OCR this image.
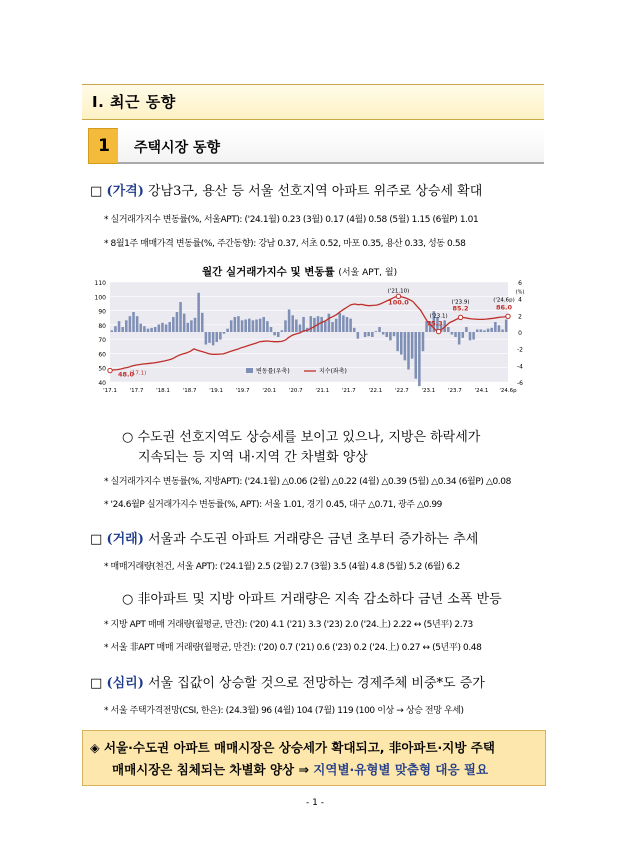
Ⅰ. 최근 동향
1	주택시장 동향
□ (가격) 강남3구, 용산 등 서울 선호지역 아파트 위주로 상승세 확대
* 실거래가지수 변동률(%, 서울APT): ('24.1월) 0.23 (3월) 0.17 (4월) 0.58 (5월) 1.15 (6월P) 1.01
* 8월1주 매매가격 변동률(%, 주간동향): 강남 0.37, 서초 0.52, 마포 0.35, 용산 0.33, 성동 0.58
월간 실거래가지수 및 변동률 (서울 APT, 월)
110
100
90
80
70
60
50
40
6
4
2
0
-2
-4
-6
(%)
48.0
(17.1)
100.0
('21.10)
75.3
('23.1)
85.2
('23.9)
86.0
('24.6p)
변동률(우축)	지수(좌축)
'17.1 '17.7 '18.1 '18.7 '19.1 '19.7 '20.1 '20.7 '21.1 '21.7 '22.1 '22.7 '23.1 '23.7 '24.1 '24.6p
○ 수도권 선호지역도 상승세를 보이고 있으나, 지방은 하락세가
지속되는 등 지역 내·지역 간 차별화 양상
* 실거래가지수 변동률(%, 지방APT): ('24.1월) △0.06 (2월) △0.22 (4월) △0.39 (5월) △0.34 (6월P) △0.08
* '24.6월P 실거래가지수 변동률(%, APT): 서울 1.01, 경기 0.45, 대구 △0.71, 광주 △0.99
□ (거래) 서울과 수도권 아파트 거래량은 금년 초부터 증가하는 추세
* 매매거래량(천건, 서울 APT): ('24.1월) 2.5 (2월) 2.7 (3월) 3.5 (4월) 4.8 (5월) 5.2 (6월) 6.2
○ 非아파트 및 지방 아파트 거래량은 지속 감소하다 금년 소폭 반등
* 지방 APT 매매 거래량(월평균, 만건): ('20) 4.1 ('21) 3.3 ('23) 2.0 ('24.上) 2.22 ↔ (5년平) 2.73
* 서울 非APT 매매 거래량(월평균, 만건): ('20) 0.7 ('21) 0.6 ('23) 0.2 ('24.上) 0.27 ↔ (5년平) 0.48
□ (심리) 서울 집값이 상승할 것으로 전망하는 경제주체 비중*도 증가
* 서울 주택가격전망(CSI, 한은): (24.3월) 96 (4월) 104 (7월) 119 (100 이상 → 상승 전망 우세)
◈ 서울·수도권 아파트 매매시장은 상승세가 확대되고, 非아파트·지방 주택
매매시장은 침체되는 차별화 양상 ⇒ 지역별·유형별 맞춤형 대응 필요
- 1 -
